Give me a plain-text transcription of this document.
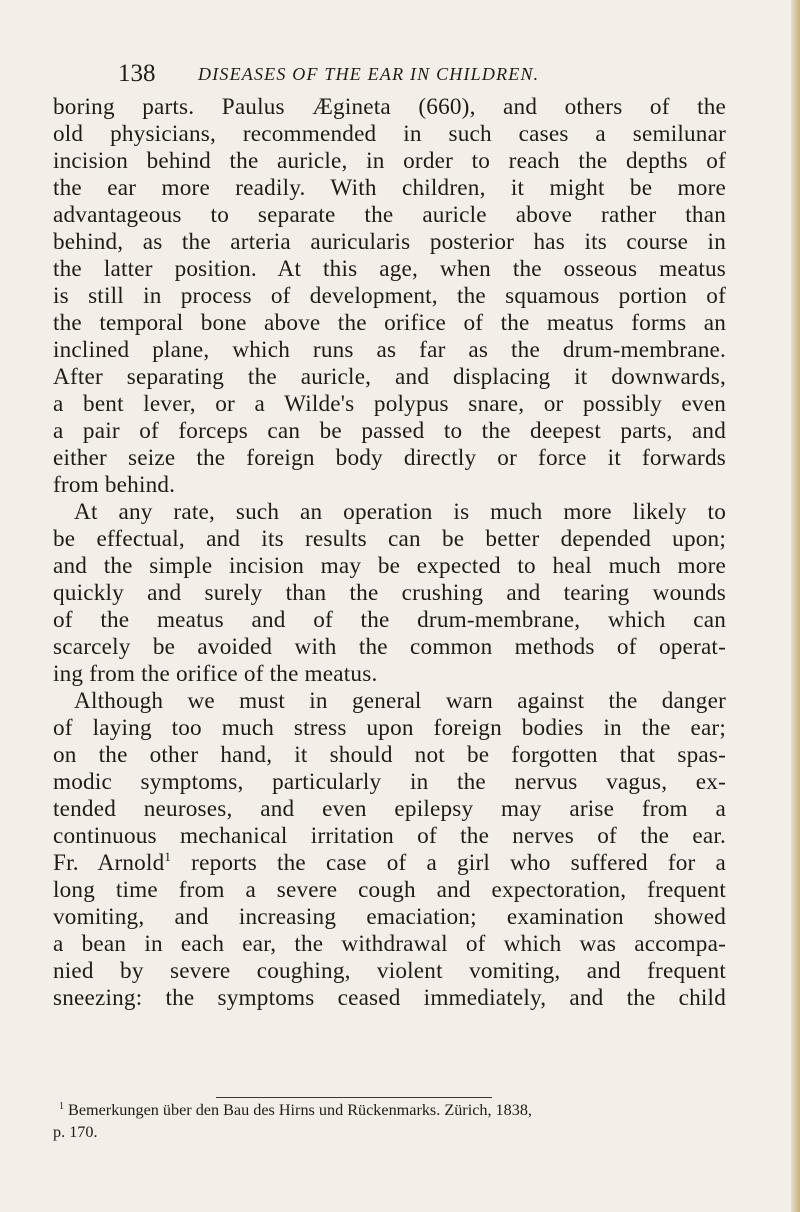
138 DISEASES OF THE EAR IN CHILDREN.

boring parts. Paulus Ægineta (660), and others of the

old physicians, recommended in such cases a semilunar

incision behind the auricle, in order to reach the depths of

the ear more readily. With children, it might be more

advantageous to separate the auricle above rather than

behind, as the arteria auricularis posterior has its course in

the latter position. At this age, when the osseous meatus

is still in process of development, the squamous portion of

the temporal bone above the orifice of the meatus forms an

inclined plane, which runs as far as the drum-membrane.

After separating the auricle, and displacing it downwards,

a bent lever, or a Wilde's polypus snare, or possibly even

a pair of forceps can be passed to the deepest parts, and

either seize the foreign body directly or force it forwards

from behind.

At any rate, such an operation is much more likely to

be effectual, and its results can be better depended upon;

and the simple incision may be expected to heal much more

quickly and surely than the crushing and tearing wounds

of the meatus and of the drum-membrane, which can

scarcely be avoided with the common methods of operat-

ing from the orifice of the meatus.

Although we must in general warn against the danger

of laying too much stress upon foreign bodies in the ear;

on the other hand, it should not be forgotten that spas-

modic symptoms, particularly in the nervus vagus, ex-

tended neuroses, and even epilepsy may arise from a

continuous mechanical irritation of the nerves of the ear.

Fr. Arnold$^1$ reports the case of a girl who suffered for a

long time from a severe cough and expectoration, frequent

vomiting, and increasing emaciation; examination showed

a bean in each ear, the withdrawal of which was accompa-

nied by severe coughing, violent vomiting, and frequent

sneezing: the symptoms ceased immediately, and the child

$^1$ Bemerkungen über den Bau des Hirns und Rückenmarks. Zürich, 1838,
p. 170.
